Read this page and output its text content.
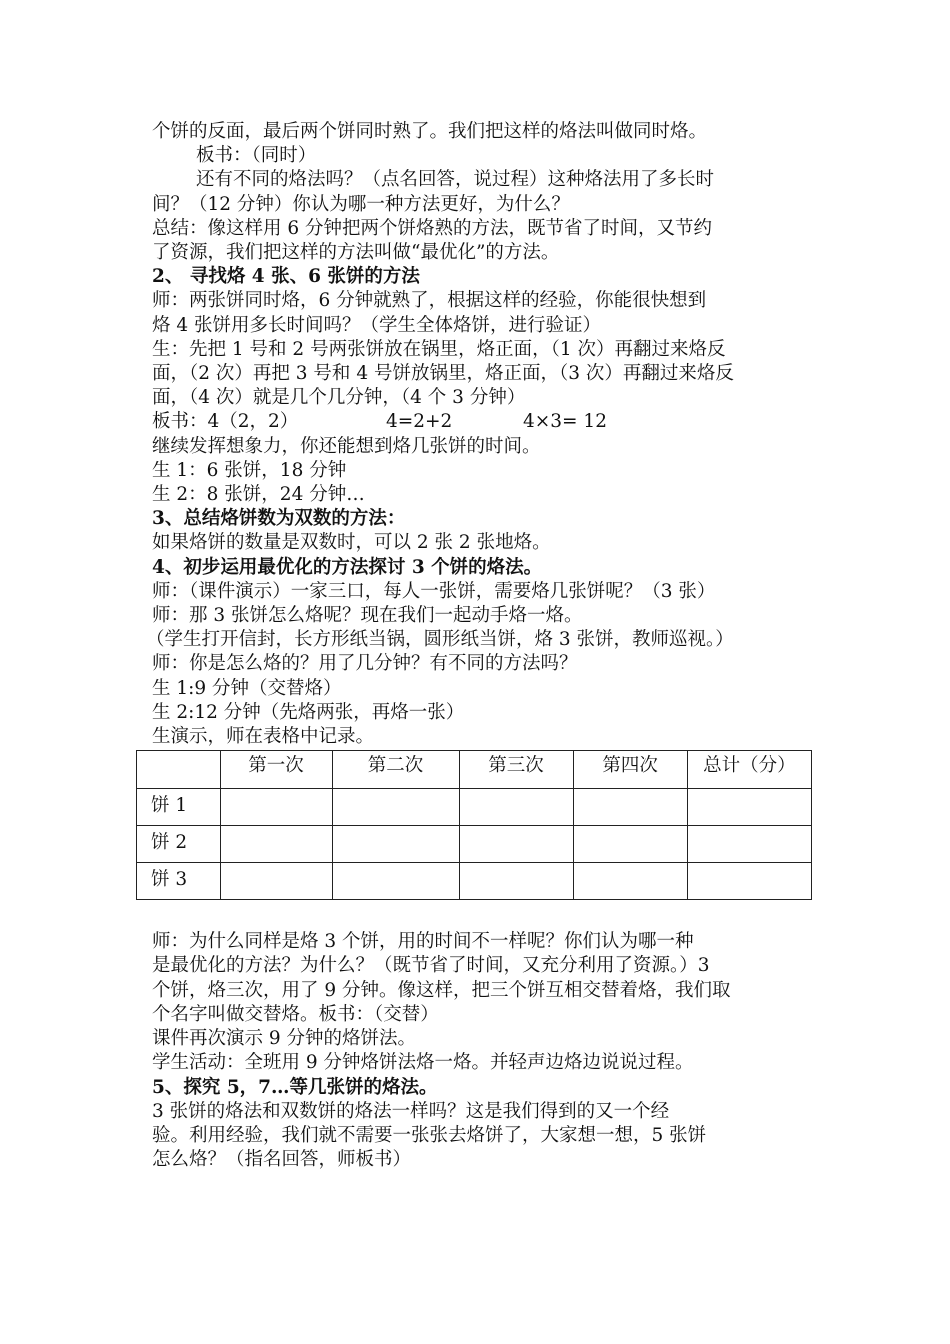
个饼的反面，最后两个饼同时熟了。我们把这样的烙法叫做同时烙。
板书：（同时）
还有不同的烙法吗？（点名回答，说过程）这种烙法用了多长时
间？（12 分钟）你认为哪一种方法更好，为什么？
总结：像这样用 6 分钟把两个饼烙熟的方法，既节省了时间，又节约
了资源，我们把这样的方法叫做“最优化”的方法。
2、 寻找烙 4 张、6 张饼的方法
师：两张饼同时烙，6 分钟就熟了，根据这样的经验，你能很快想到
烙 4 张饼用多长时间吗？（学生全体烙饼，进行验证）
生：先把 1 号和 2 号两张饼放在锅里，烙正面，（1 次）再翻过来烙反
面，（2 次）再把 3 号和 4 号饼放锅里，烙正面，（3 次）再翻过来烙反
面，（4 次）就是几个几分钟，（4 个 3 分钟）
板书：4（2，2）	4=2+2	4×3= 12
继续发挥想象力，你还能想到烙几张饼的时间。
生 1：6 张饼，18 分钟
生 2：8 张饼，24 分钟…
3、总结烙饼数为双数的方法：
如果烙饼的数量是双数时，可以 2 张 2 张地烙。
4、初步运用最优化的方法探讨 3 个饼的烙法。
师：（课件演示）一家三口，每人一张饼，需要烙几张饼呢？（3 张）
师：那 3 张饼怎么烙呢？现在我们一起动手烙一烙。
（学生打开信封，长方形纸当锅，圆形纸当饼，烙 3 张饼，教师巡视。）
师：你是怎么烙的？用了几分钟？有不同的方法吗？
生 1:9 分钟（交替烙）
生 2:12 分钟（先烙两张，再烙一张）
生演示，师在表格中记录。
	第一次	第二次	第三次	第四次	总计（分）
饼 1					
饼 2					
饼 3					
师：为什么同样是烙 3 个饼，用的时间不一样呢？你们认为哪一种
是最优化的方法？为什么？（既节省了时间，又充分利用了资源。）3
个饼，烙三次，用了 9 分钟。像这样，把三个饼互相交替着烙，我们取
个名字叫做交替烙。板书：（交替）
课件再次演示 9 分钟的烙饼法。
学生活动：全班用 9 分钟烙饼法烙一烙。并轻声边烙边说说过程。
5、探究 5，7…等几张饼的烙法。
3 张饼的烙法和双数饼的烙法一样吗？这是我们得到的又一个经
验。利用经验，我们就不需要一张张去烙饼了，大家想一想，5 张饼
怎么烙？（指名回答，师板书）
